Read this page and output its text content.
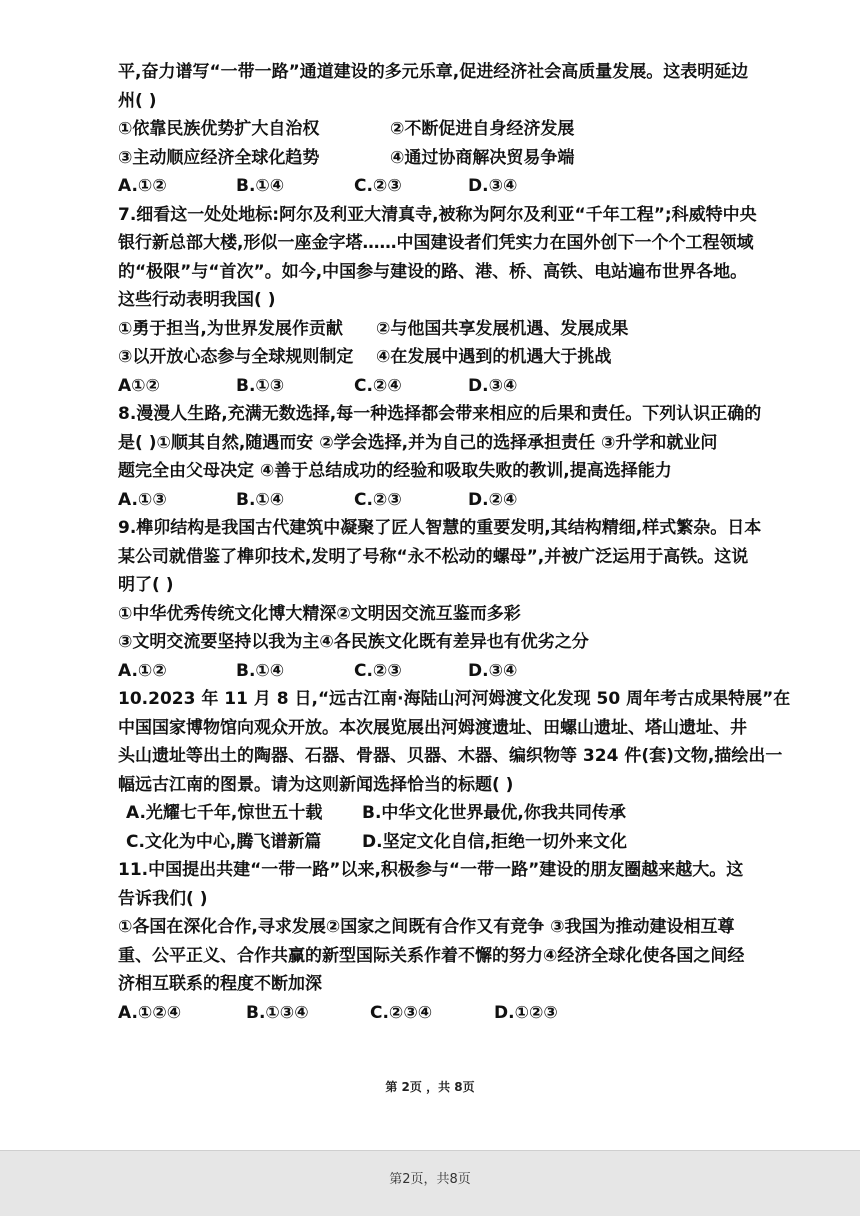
平,奋力谱写“一带一路”通道建设的多元乐章,促进经济社会高质量发展。这表明延边
州( )
①依靠民族优势扩大自治权	②不断促进自身经济发展
③主动顺应经济全球化趋势	④通过协商解决贸易争端
A.①②	B.①④	C.②③	D.③④
7.细看这一处处地标:阿尔及利亚大清真寺,被称为阿尔及利亚“千年工程”;科威特中央
银行新总部大楼,形似一座金字塔……中国建设者们凭实力在国外创下一个个工程领域
的“极限”与“首次”。如今,中国参与建设的路、港、桥、高铁、电站遍布世界各地。
这些行动表明我国( )
①勇于担当,为世界发展作贡献	②与他国共享发展机遇、发展成果
③以开放心态参与全球规则制定	④在发展中遇到的机遇大于挑战
A①②	B.①③	C.②④	D.③④
8.漫漫人生路,充满无数选择,每一种选择都会带来相应的后果和责任。下列认识正确的
是( )①顺其自然,随遇而安 ②学会选择,并为自己的选择承担责任 ③升学和就业问
题完全由父母决定 ④善于总结成功的经验和吸取失败的教训,提高选择能力
A.①③	B.①④	C.②③	D.②④
9.榫卯结构是我国古代建筑中凝聚了匠人智慧的重要发明,其结构精细,样式繁杂。日本
某公司就借鉴了榫卯技术,发明了号称“永不松动的螺母”,并被广泛运用于高铁。这说
明了( )
①中华优秀传统文化博大精深②文明因交流互鉴而多彩
③文明交流要坚持以我为主④各民族文化既有差异也有优劣之分
A.①②	B.①④	C.②③	D.③④
10.2023 年 11 月 8 日,“远古江南·海陆山河河姆渡文化发现 50 周年考古成果特展”在
中国国家博物馆向观众开放。本次展览展出河姆渡遗址、田螺山遗址、塔山遗址、井
头山遗址等出土的陶器、石器、骨器、贝器、木器、编织物等 324 件(套)文物,描绘出一
幅远古江南的图景。请为这则新闻选择恰当的标题( )
A.光耀七千年,惊世五十载	B.中华文化世界最优,你我共同传承
C.文化为中心,腾飞谱新篇	D.坚定文化自信,拒绝一切外来文化
11.中国提出共建“一带一路”以来,积极参与“一带一路”建设的朋友圈越来越大。这
告诉我们( )
①各国在深化合作,寻求发展②国家之间既有合作又有竞争 ③我国为推动建设相互尊
重、公平正义、合作共赢的新型国际关系作着不懈的努力④经济全球化使各国之间经
济相互联系的程度不断加深
A.①②④	B.①③④	C.②③④	D.①②③
第 2页 ，共 8页
第2页，共8页
